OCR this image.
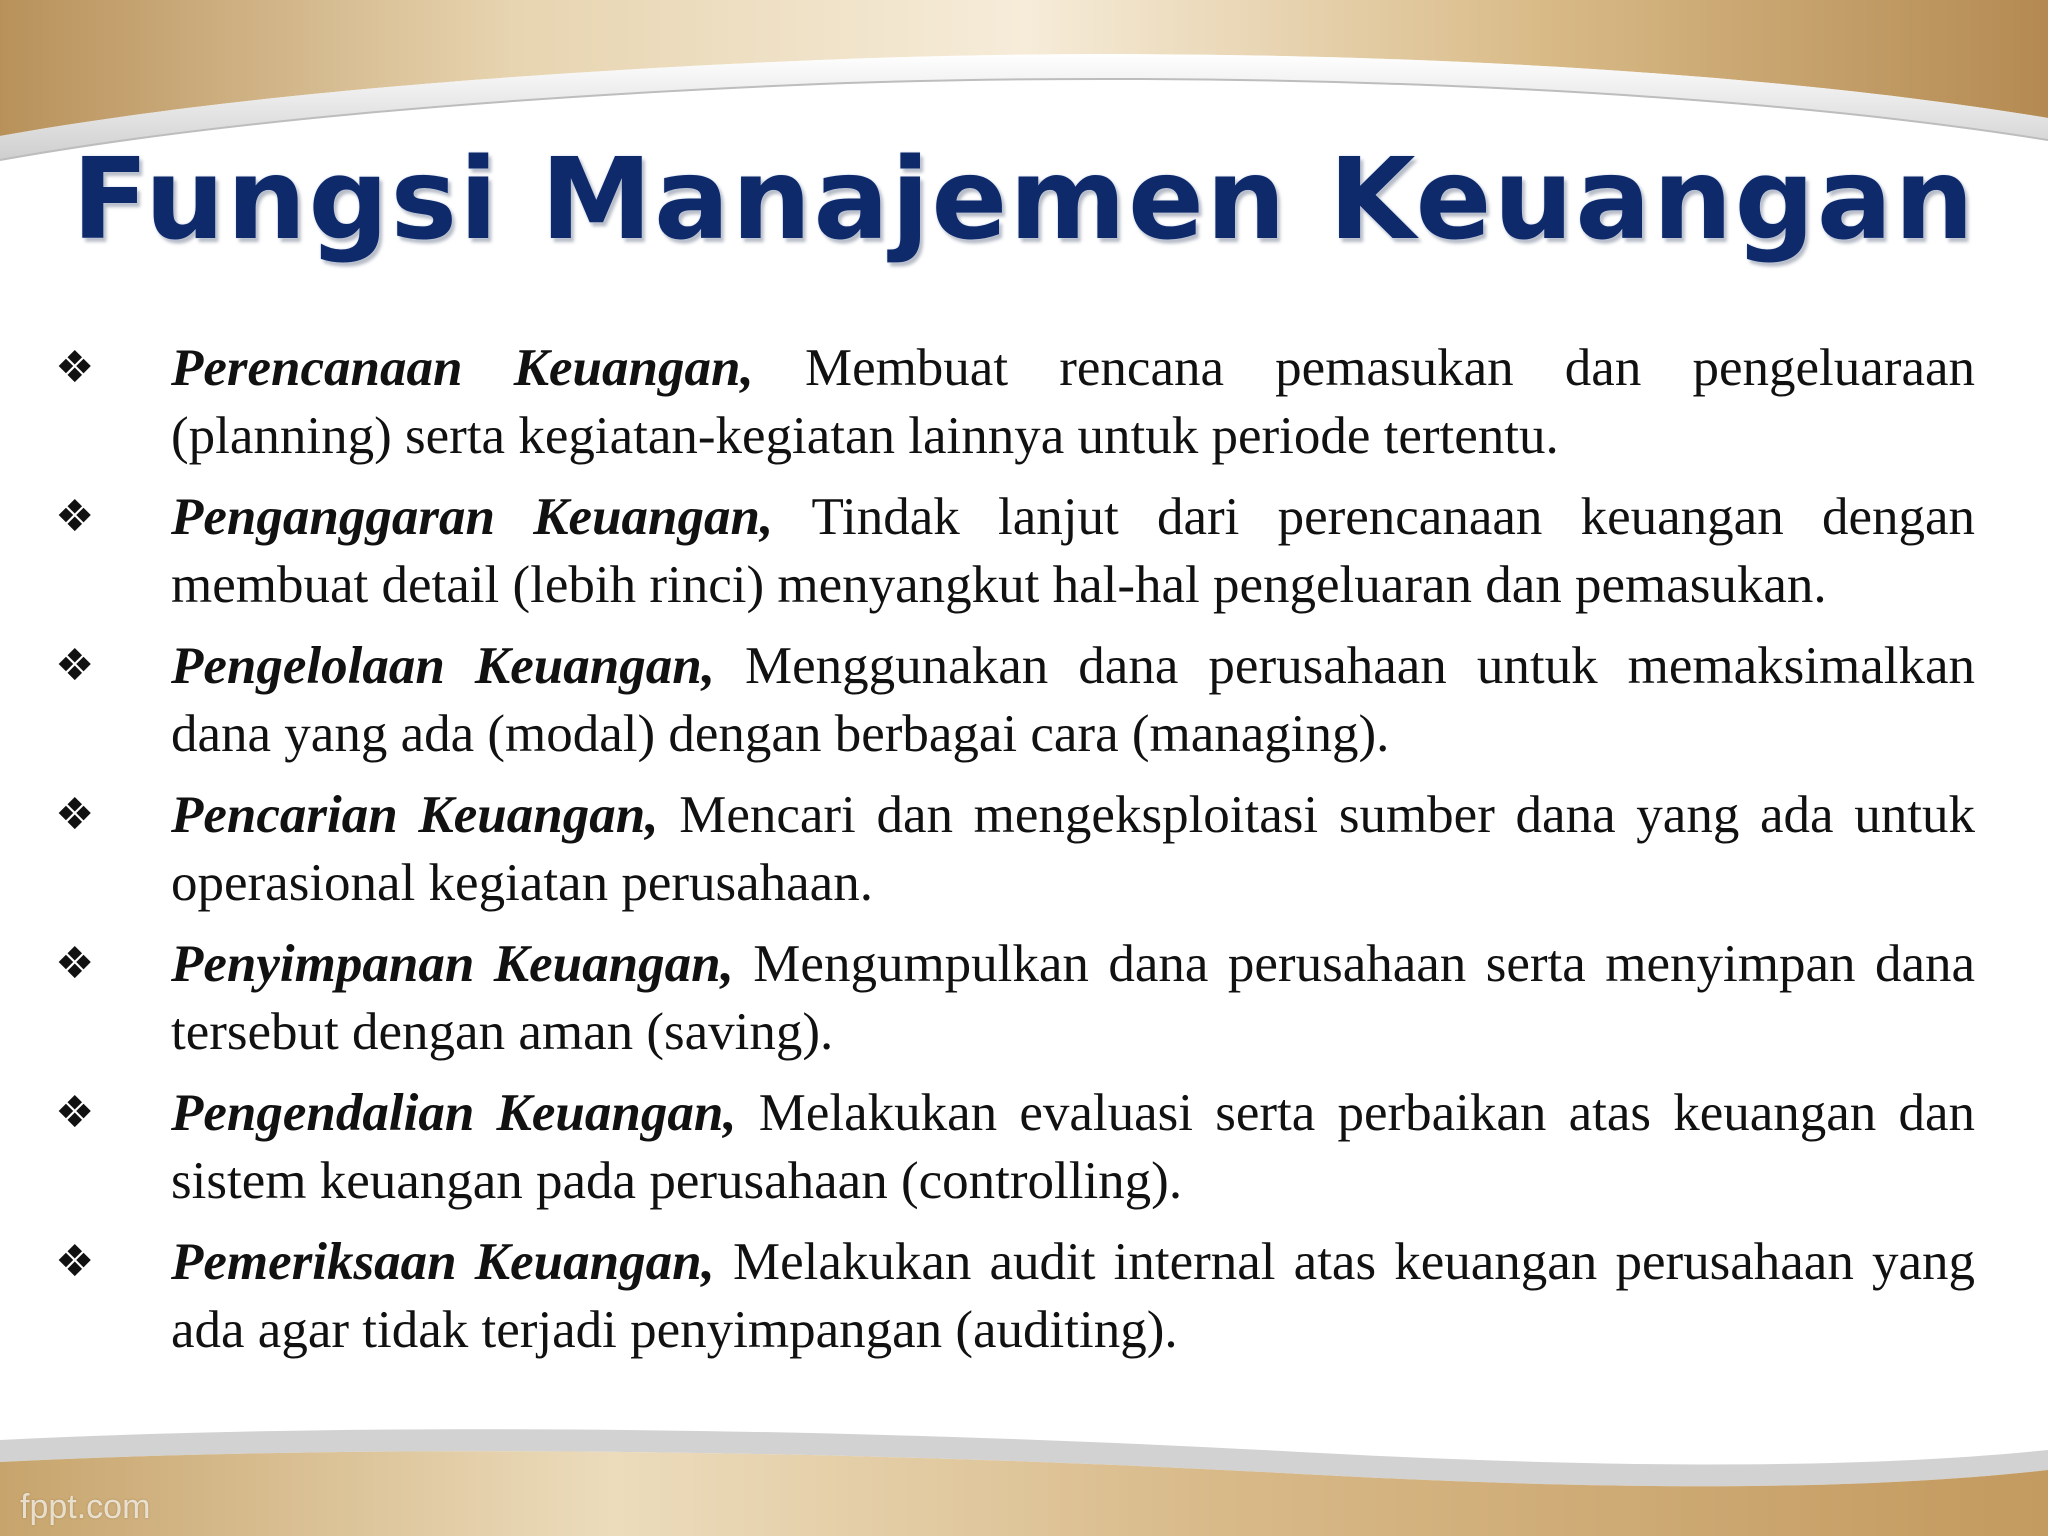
Fungsi Manajemen Keuangan
❖	Perencanaan Keuangan, Membuat rencana pemasukan dan pengeluaraan (planning) serta kegiatan-kegiatan lainnya untuk periode tertentu.
❖	Penganggaran Keuangan, Tindak lanjut dari perencanaan keuangan dengan membuat detail (lebih rinci) menyangkut hal-hal pengeluaran dan pemasukan.
❖	Pengelolaan Keuangan, Menggunakan dana perusahaan untuk memaksimalkan dana yang ada (modal) dengan berbagai cara (managing).
❖	Pencarian Keuangan, Mencari dan mengeksploitasi sumber dana yang ada untuk operasional kegiatan perusahaan.
❖	Penyimpanan Keuangan, Mengumpulkan dana perusahaan serta menyimpan dana tersebut dengan aman (saving).
❖	Pengendalian Keuangan, Melakukan evaluasi serta perbaikan atas keuangan dan sistem keuangan pada perusahaan (controlling).
❖	Pemeriksaan Keuangan, Melakukan audit internal atas keuangan perusahaan yang ada agar tidak terjadi penyimpangan (auditing).
fppt.com
